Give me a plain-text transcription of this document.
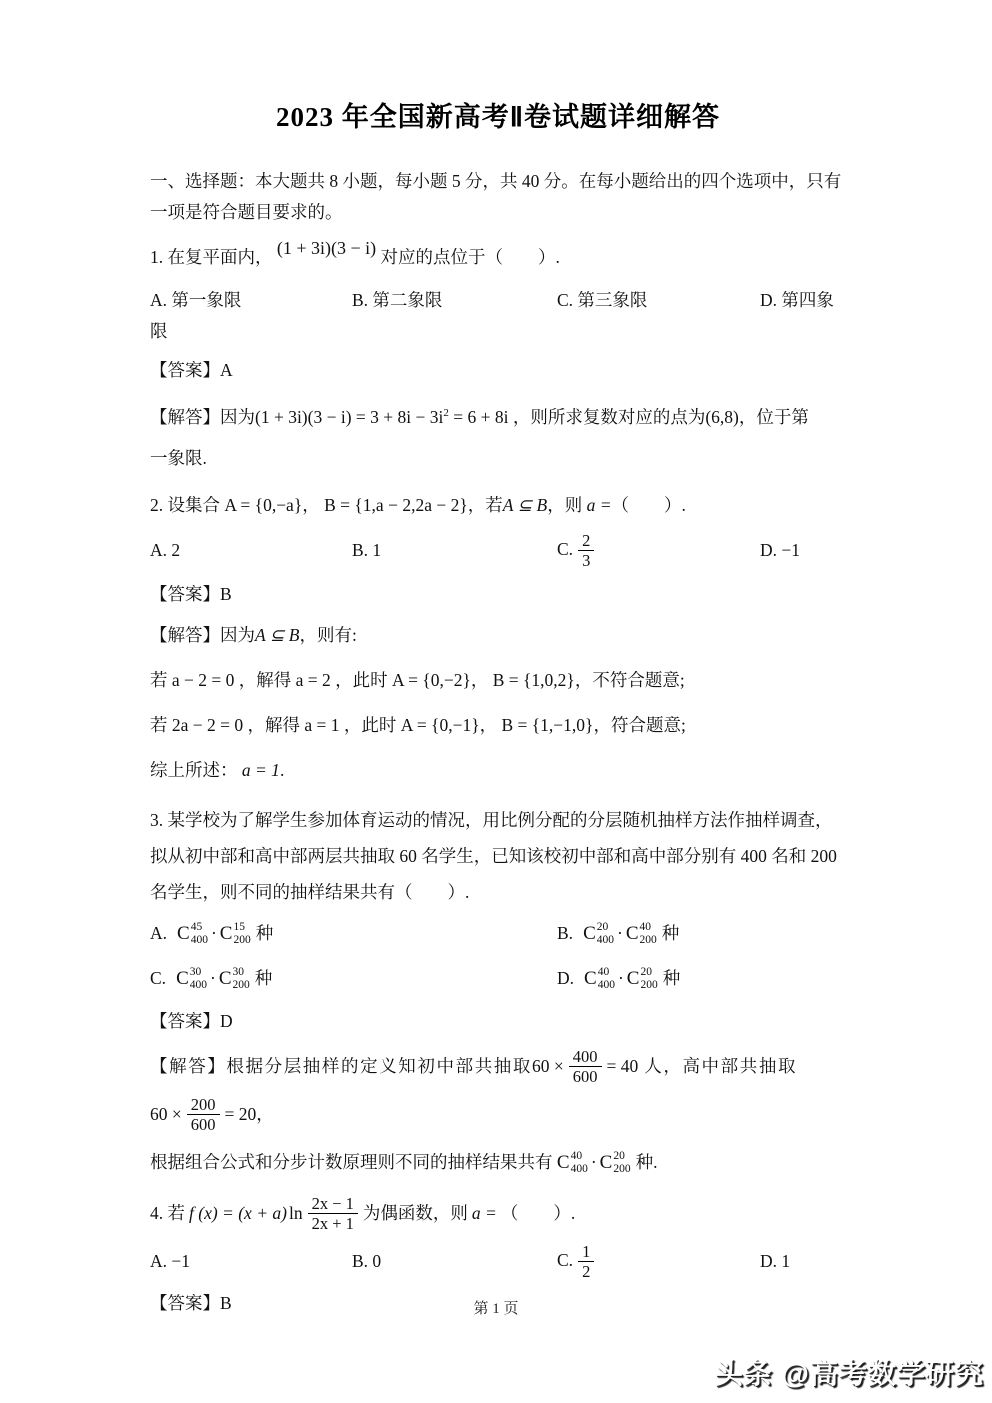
2023 年全国新高考Ⅱ卷试题详细解答

一、选择题：本大题共 8 小题，每小题 5 分，共 40 分。在每小题给出的四个选项中，只有

一项是符合题目要求的。

1. 在复平面内， (1 + 3i)(3 − i) 对应的点位于（　　）.

A. 第一象限	B. 第二象限	C. 第三象限	D. 第四象

限

【答案】A

【解答】因为$(1 + 3i)(3 - i) = 3 + 8i - 3i^2 = 6 + 8i$ ，则所求复数对应的点为(6,8)，位于第

一象限.

2. 设集合 A = {0,−a}， B = {1,a − 2,2a − 2}，若A ⊆ B，则 a =（　　）.

A. 2	B. 1	C. $\frac{2}{3}$	D. −1

【答案】B

【解答】因为A ⊆ B，则有:

若 a − 2 = 0 ，解得 a = 2 ，此时 A = {0,−2}， B = {1,0,2}，不符合题意;

若 2a − 2 = 0 ，解得 a = 1 ，此时 A = {0,−1}， B = {1,−1,0}，符合题意;

综上所述： a = 1.

3. 某学校为了解学生参加体育运动的情况，用比例分配的分层随机抽样方法作抽样调查，

拟从初中部和高中部两层共抽取 60 名学生，已知该校初中部和高中部分别有 400 名和 200

名学生，则不同的抽样结果共有（　　）.

A. C 45
400 · C 15
200 种	B. C 20
400 · C 40
200 种
C. C 30
400 · C 30
200 种	D. C 40
400 · C 20
200 种

【答案】D

【解答】根据分层抽样的定义知初中部共抽取 $60 \times \frac{400}{600} = 40$ 人，高中部共抽取
$60 \times \frac{200}{600} = 20$ ，

根据组合公式和分步计数原理则不同的抽样结果共有 C 40
400 · C 20
200 种.

4. 若 f (x) = (x + a) $\ln \frac{2x - 1}{2x + 1}$ 为偶函数，则 a = （　　）.
A. −1	B. 0	C. $\frac{1}{2}$	D. 1

【答案】B	第 1 页
头条 @高考数学研究
